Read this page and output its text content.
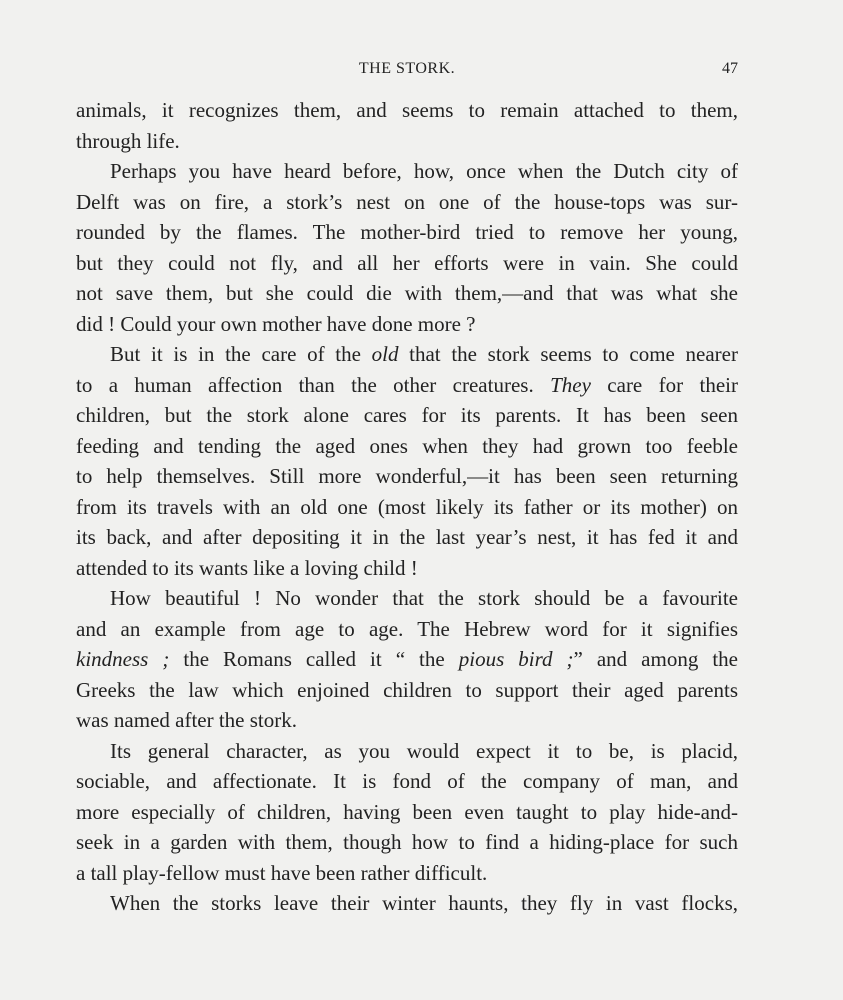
THE STORK.	47
animals, it recognizes them, and seems to remain attached to them,
through life.
Perhaps you have heard before, how, once when the Dutch city of
Delft was on fire, a stork’s nest on one of the house-tops was sur-
rounded by the flames. The mother-bird tried to remove her young,
but they could not fly, and all her efforts were in vain. She could
not save them, but she could die with them,—and that was what she
did ! Could your own mother have done more ?
But it is in the care of the old that the stork seems to come nearer
to a human affection than the other creatures. They care for their
children, but the stork alone cares for its parents. It has been seen
feeding and tending the aged ones when they had grown too feeble
to help themselves. Still more wonderful,—it has been seen returning
from its travels with an old one (most likely its father or its mother) on
its back, and after depositing it in the last year’s nest, it has fed it and
attended to its wants like a loving child !
How beautiful ! No wonder that the stork should be a favourite
and an example from age to age. The Hebrew word for it signifies
kindness ; the Romans called it “ the pious bird ;” and among the
Greeks the law which enjoined children to support their aged parents
was named after the stork.
Its general character, as you would expect it to be, is placid,
sociable, and affectionate. It is fond of the company of man, and
more especially of children, having been even taught to play hide-and-
seek in a garden with them, though how to find a hiding-place for such
a tall play-fellow must have been rather difficult.
When the storks leave their winter haunts, they fly in vast flocks,
